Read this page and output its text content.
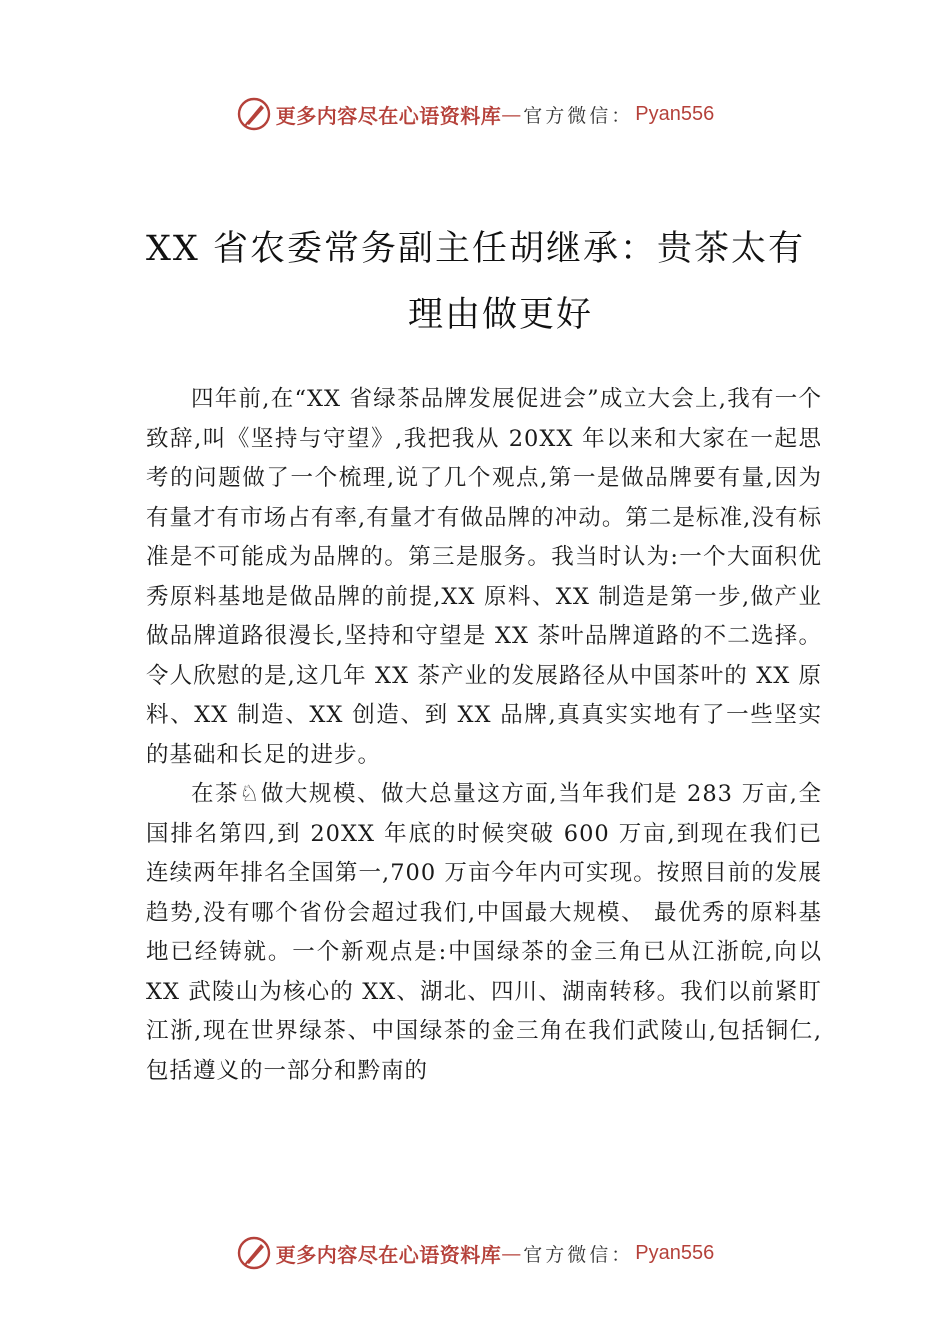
更多内容尽在心语资料库 — 官方微信： Pyan556
XX 省农委常务副主任胡继承：贵茶太有
理由做更好

四年前,在“XX 省绿茶品牌发展促进会”成立大会上,我有一个致辞,叫《坚持与守望》,我把我从 20XX 年以来和大家在一起思考的问题做了一个梳理,说了几个观点,第一是做品牌要有量,因为有量才有市场占有率,有量才有做品牌的冲动。第二是标准,没有标准是不可能成为品牌的。第三是服务。我当时认为:一个大面积优秀原料基地是做品牌的前提,XX 原料、XX 制造是第一步,做产业做品牌道路很漫长,坚持和守望是 XX 茶叶品牌道路的不二选择。令人欣慰的是,这几年 XX 茶产业的发展路径从中国茶叶的 XX 原料、XX 制造、XX 创造、到 XX 品牌,真真实实地有了一些坚实的基础和长足的进步。

在茶♘做大规模、做大总量这方面,当年我们是 283 万亩,全国排名第四,到 20XX 年底的时候突破 600 万亩,到现在我们已连续两年排名全国第一,700 万亩今年内可实现。按照目前的发展趋势,没有哪个省份会超过我们,中国最大规模、 最优秀的原料基地已经铸就。一个新观点是:中国绿茶的金三角已从江浙皖,向以 XX 武陵山为核心的 XX、湖北、四川、湖南转移。我们以前紧盯江浙,现在世界绿茶、中国绿茶的金三角在我们武陵山,包括铜仁,包括遵义的一部分和黔南的

更多内容尽在心语资料库 — 官方微信： Pyan556
